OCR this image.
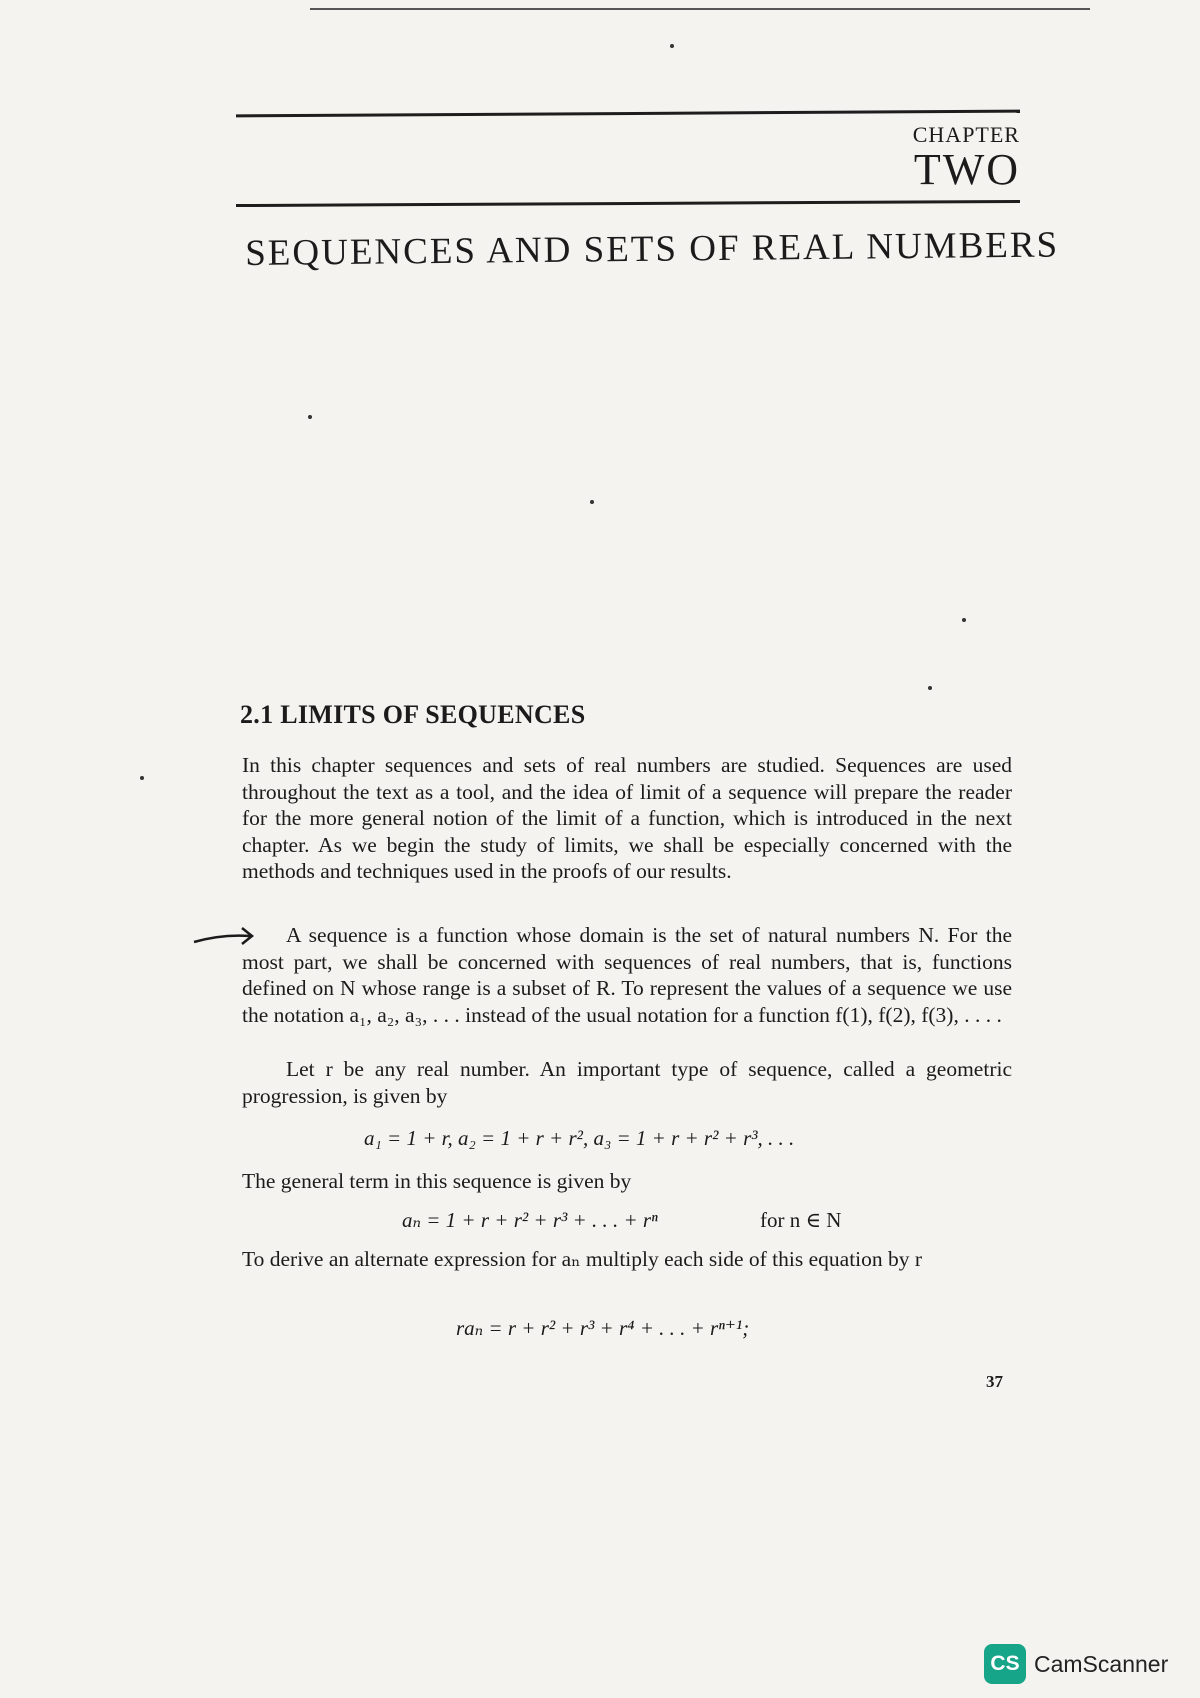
CHAPTER
TWO
SEQUENCES AND SETS OF REAL NUMBERS
2.1 LIMITS OF SEQUENCES

In this chapter sequences and sets of real numbers are studied. Sequences are used throughout the text as a tool, and the idea of limit of a sequence will prepare the reader for the more general notion of the limit of a function, which is introduced in the next chapter. As we begin the study of limits, we shall be especially concerned with the methods and techniques used in the proofs of our results.

A sequence is a function whose domain is the set of natural numbers N. For the most part, we shall be concerned with sequences of real numbers, that is, functions defined on N whose range is a subset of R. To represent the values of a sequence we use the notation a₁, a₂, a₃, . . . instead of the usual notation for a function f(1), f(2), f(3), . . . .

Let r be any real number. An important type of sequence, called a geometric progression, is given by

a₁ = 1 + r, a₂ = 1 + r + r², a₃ = 1 + r + r² + r³, . . .

The general term in this sequence is given by

aₙ = 1 + r + r² + r³ + . . . + rⁿ	for n ∈ N

To derive an alternate expression for aₙ multiply each side of this equation by r

raₙ = r + r² + r³ + r⁴ + . . . + rⁿ⁺¹;
37
CS CamScanner
